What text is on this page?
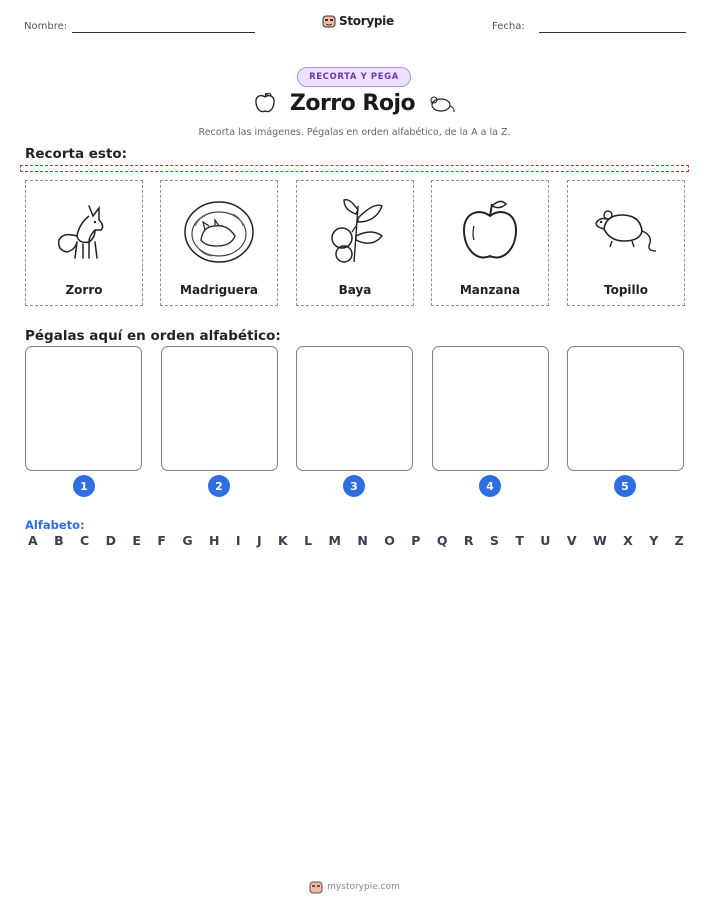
Nombre:	Storypie	Fecha:
RECORTA Y PEGA
Zorro Rojo
Recorta las imágenes. Pégalas en orden alfabético, de la A a la Z.
Recorta esto:
Zorro	Madriguera	Baya	Manzana	Topillo
Pégalas aquí en orden alfabético:
1	2	3	4	5
Alfabeto:
A B C D E F G H I J K L M N O P Q R S T U V W X Y Z
mystorypie.com
